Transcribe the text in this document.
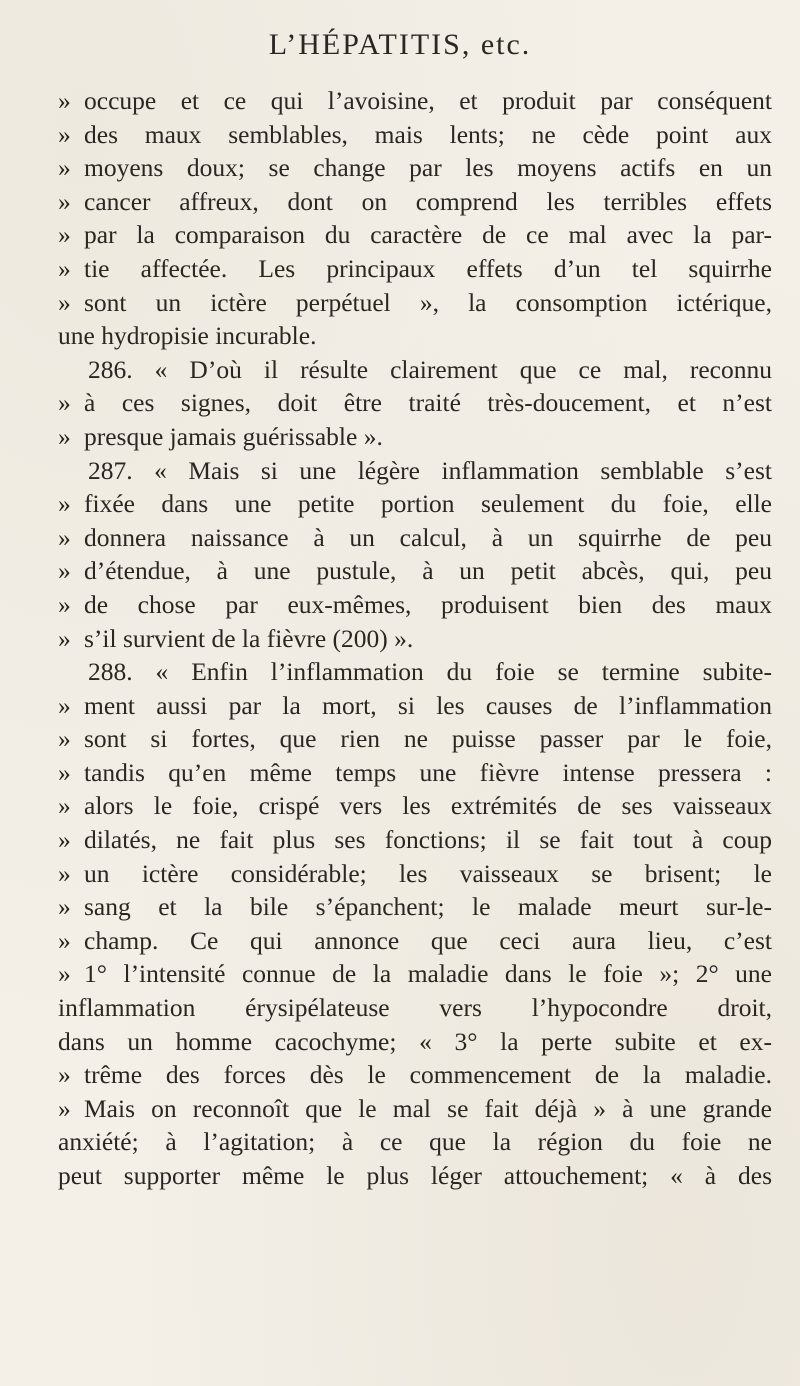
L’HÉPATITIS, etc.
» occupe et ce qui l’avoisine, et produit par conséquent
» des maux semblables, mais lents; ne cède point aux
» moyens doux; se change par les moyens actifs en un
» cancer affreux, dont on comprend les terribles effets
» par la comparaison du caractère de ce mal avec la par-
» tie affectée. Les principaux effets d’un tel squirrhe
» sont un ictère perpétuel », la consomption ictérique,
une hydropisie incurable.
286. « D’où il résulte clairement que ce mal, reconnu
» à ces signes, doit être traité très-doucement, et n’est
» presque jamais guérissable ».
287. « Mais si une légère inflammation semblable s’est
» fixée dans une petite portion seulement du foie, elle
» donnera naissance à un calcul, à un squirrhe de peu
» d’étendue, à une pustule, à un petit abcès, qui, peu
» de chose par eux-mêmes, produisent bien des maux
» s’il survient de la fièvre (200) ».
288. « Enfin l’inflammation du foie se termine subite-
» ment aussi par la mort, si les causes de l’inflammation
» sont si fortes, que rien ne puisse passer par le foie,
» tandis qu’en même temps une fièvre intense pressera :
» alors le foie, crispé vers les extrémités de ses vaisseaux
» dilatés, ne fait plus ses fonctions; il se fait tout à coup
» un ictère considérable; les vaisseaux se brisent; le
» sang et la bile s’épanchent; le malade meurt sur-le-
» champ. Ce qui annonce que ceci aura lieu, c’est
» 1° l’intensité connue de la maladie dans le foie »; 2° une
inflammation érysipélateuse vers l’hypocondre droit,
dans un homme cacochyme; « 3° la perte subite et ex-
» trême des forces dès le commencement de la maladie.
» Mais on reconnoît que le mal se fait déjà » à une grande
anxiété; à l’agitation; à ce que la région du foie ne
peut supporter même le plus léger attouchement; « à des
